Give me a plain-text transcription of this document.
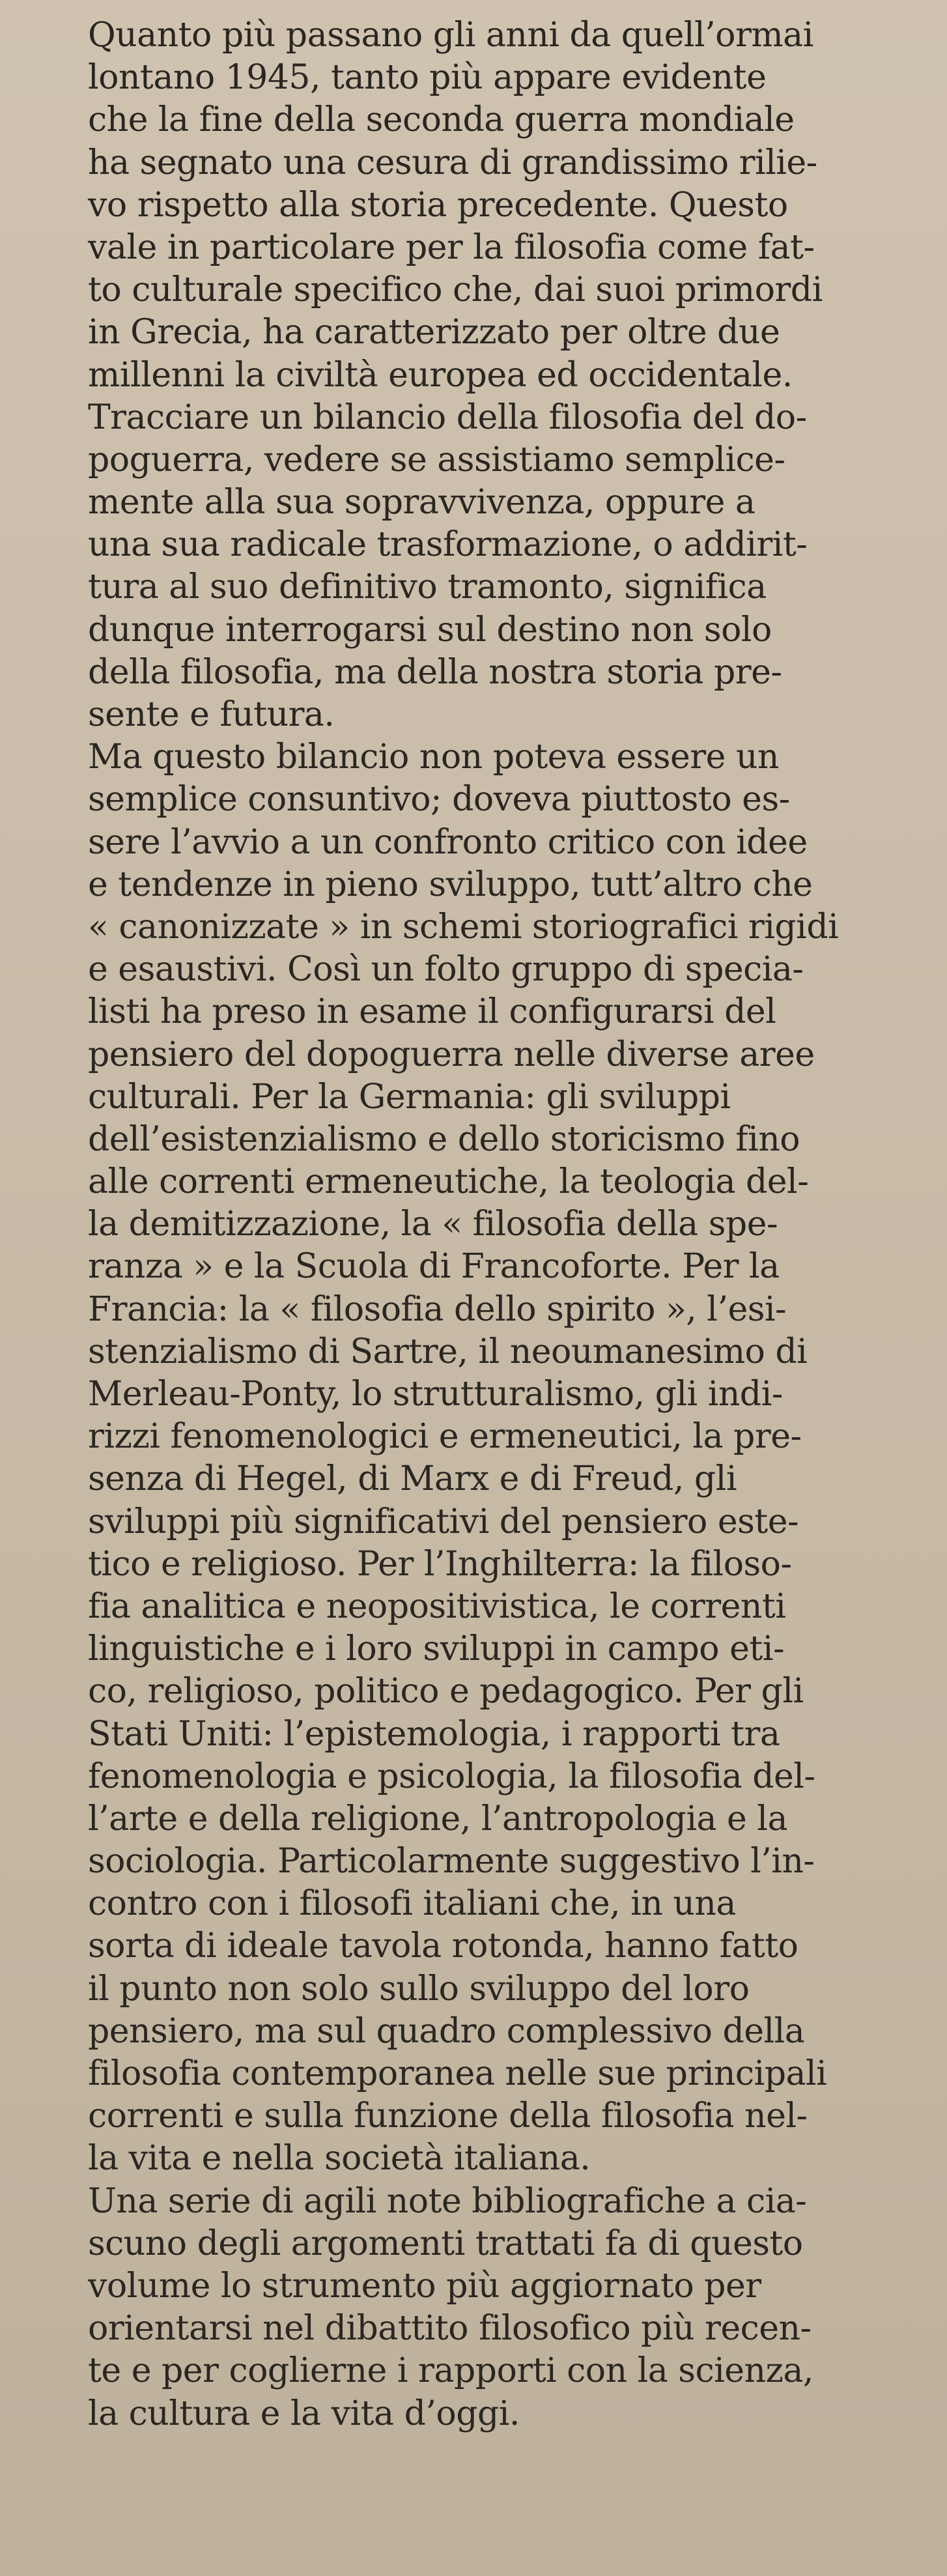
Quanto più passano gli anni da quell’ormai
lontano 1945, tanto più appare evidente
che la fine della seconda guerra mondiale
ha segnato una cesura di grandissimo rilie-
vo rispetto alla storia precedente. Questo
vale in particolare per la filosofia come fat-
to culturale specifico che, dai suoi primordi
in Grecia, ha caratterizzato per oltre due
millenni la civiltà europea ed occidentale.
Tracciare un bilancio della filosofia del do-
poguerra, vedere se assistiamo semplice-
mente alla sua sopravvivenza, oppure a
una sua radicale trasformazione, o addirit-
tura al suo definitivo tramonto, significa
dunque interrogarsi sul destino non solo
della filosofia, ma della nostra storia pre-
sente e futura.
Ma questo bilancio non poteva essere un
semplice consuntivo; doveva piuttosto es-
sere l’avvio a un confronto critico con idee
e tendenze in pieno sviluppo, tutt’altro che
« canonizzate » in schemi storiografici rigidi
e esaustivi. Così un folto gruppo di specia-
listi ha preso in esame il configurarsi del
pensiero del dopoguerra nelle diverse aree
culturali. Per la Germania: gli sviluppi
dell’esistenzialismo e dello storicismo fino
alle correnti ermeneutiche, la teologia del-
la demitizzazione, la « filosofia della spe-
ranza » e la Scuola di Francoforte. Per la
Francia: la « filosofia dello spirito », l’esi-
stenzialismo di Sartre, il neoumanesimo di
Merleau-Ponty, lo strutturalismo, gli indi-
rizzi fenomenologici e ermeneutici, la pre-
senza di Hegel, di Marx e di Freud, gli
sviluppi più significativi del pensiero este-
tico e religioso. Per l’Inghilterra: la filoso-
fia analitica e neopositivistica, le correnti
linguistiche e i loro sviluppi in campo eti-
co, religioso, politico e pedagogico. Per gli
Stati Uniti: l’epistemologia, i rapporti tra
fenomenologia e psicologia, la filosofia del-
l’arte e della religione, l’antropologia e la
sociologia. Particolarmente suggestivo l’in-
contro con i filosofi italiani che, in una
sorta di ideale tavola rotonda, hanno fatto
il punto non solo sullo sviluppo del loro
pensiero, ma sul quadro complessivo della
filosofia contemporanea nelle sue principali
correnti e sulla funzione della filosofia nel-
la vita e nella società italiana.
Una serie di agili note bibliografiche a cia-
scuno degli argomenti trattati fa di questo
volume lo strumento più aggiornato per
orientarsi nel dibattito filosofico più recen-
te e per coglierne i rapporti con la scienza,
la cultura e la vita d’oggi.
